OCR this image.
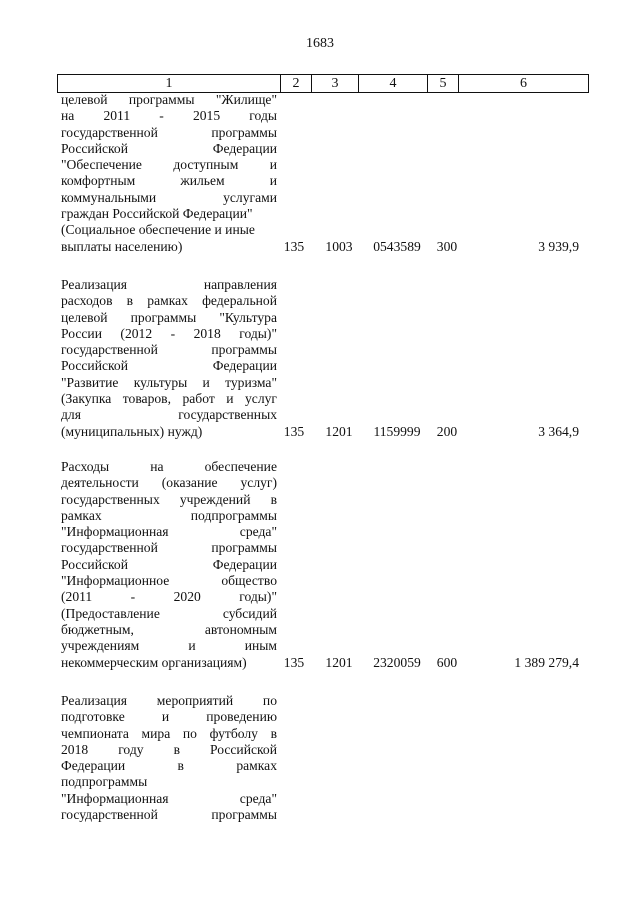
1683
1	2	3	4	5	6
целевой программы "Жилище"
на 2011 - 2015 годы
государственной программы
Российской Федерации
"Обеспечение доступным и
комфортным жильем и
коммунальными услугами
граждан Российской Федерации"
(Социальное обеспечение и иные
выплаты населению)	135	1003	0543589	300	3 939,9
Реализация направления
расходов в рамках федеральной
целевой программы "Культура
России (2012 - 2018 годы)"
государственной программы
Российской Федерации
"Развитие культуры и туризма"
(Закупка товаров, работ и услуг
для государственных
(муниципальных) нужд)	135	1201	1159999	200	3 364,9
Расходы на обеспечение
деятельности (оказание услуг)
государственных учреждений в
рамках подпрограммы
"Информационная среда"
государственной программы
Российской Федерации
"Информационное общество
(2011 - 2020 годы)"
(Предоставление субсидий
бюджетным, автономным
учреждениям и иным
некоммерческим организациям)	135	1201	2320059	600	1 389 279,4
Реализация мероприятий по
подготовке и проведению
чемпионата мира по футболу в
2018 году в Российской
Федерации в рамках
подпрограммы
"Информационная среда"
государственной программы
